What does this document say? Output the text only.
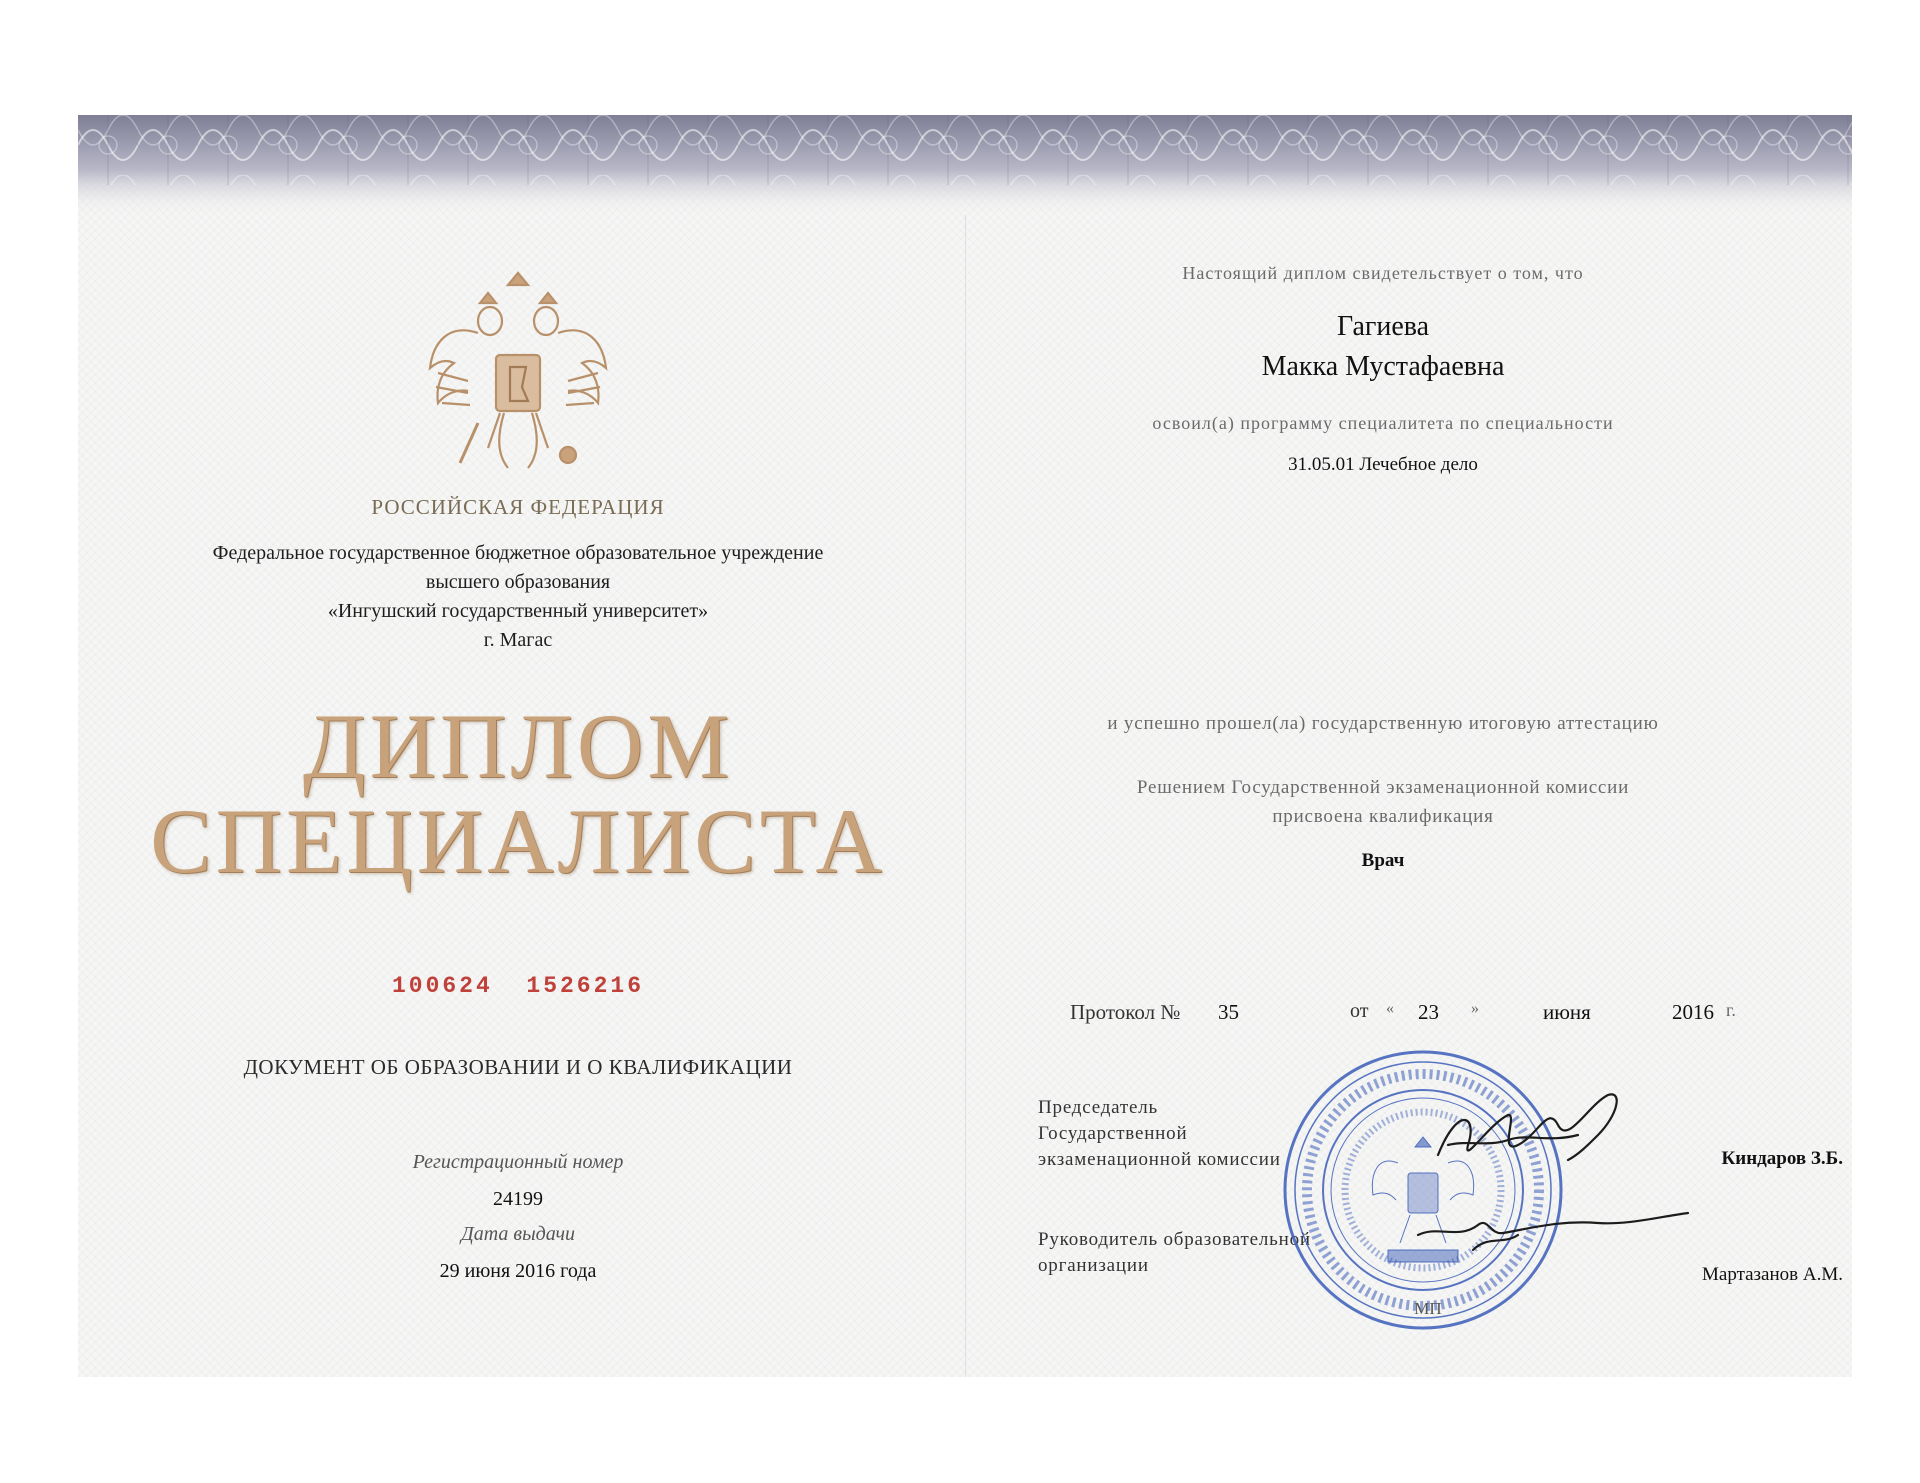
РОССИЙСКАЯ ФЕДЕРАЦИЯ
Федеральное государственное бюджетное образовательное учреждение
высшего образования
«Ингушский государственный университет»
г. Магас
ДИПЛОМ
СПЕЦИАЛИСТА
100624  1526216
ДОКУМЕНТ ОБ ОБРАЗОВАНИИ И О КВАЛИФИКАЦИИ
Регистрационный номер
24199
Дата выдачи
29 июня 2016 года
Настоящий диплом свидетельствует о том, что
Гагиева
Макка Мустафаевна
освоил(а) программу специалитета по специальности
31.05.01 Лечебное дело
и успешно прошел(ла) государственную итоговую аттестацию
Решением Государственной экзаменационной комиссии
присвоена квалификация
Врач
Протокол № 35	от « 23 »	июня	2016 г.
Председатель
Государственной
экзаменационной комиссии	Киндаров З.Б.
Руководитель образовательной
организации	Мартазанов А.М.
МП
